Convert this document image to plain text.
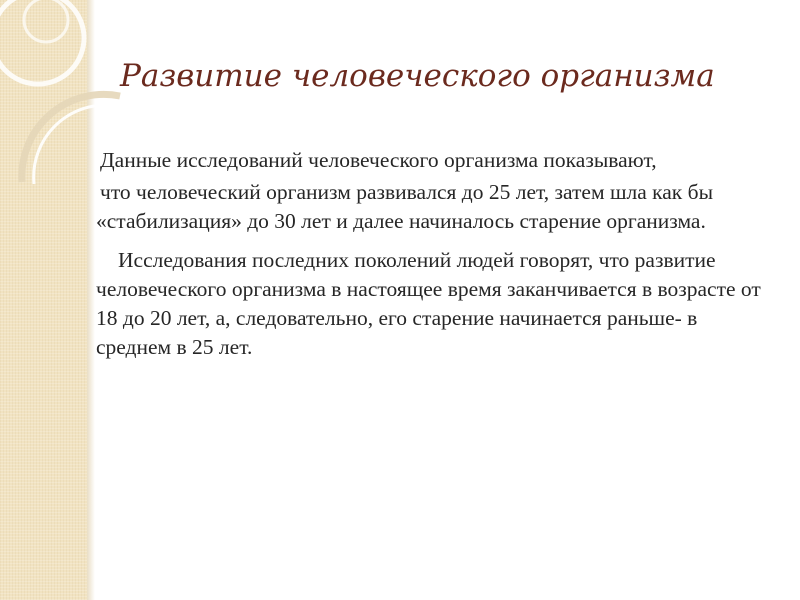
Развитие человеческого организма

Данные исследований человеческого организма показывают,

что человеческий организм развивался до 25 лет, затем шла как бы «стабилизация» до 30 лет и далее начиналось старение организма.

Исследования последних поколений людей говорят, что развитие человеческого организма в настоящее время заканчивается в возрасте от 18 до 20 лет, а, следовательно, его старение начинается раньше- в среднем в 25 лет.
